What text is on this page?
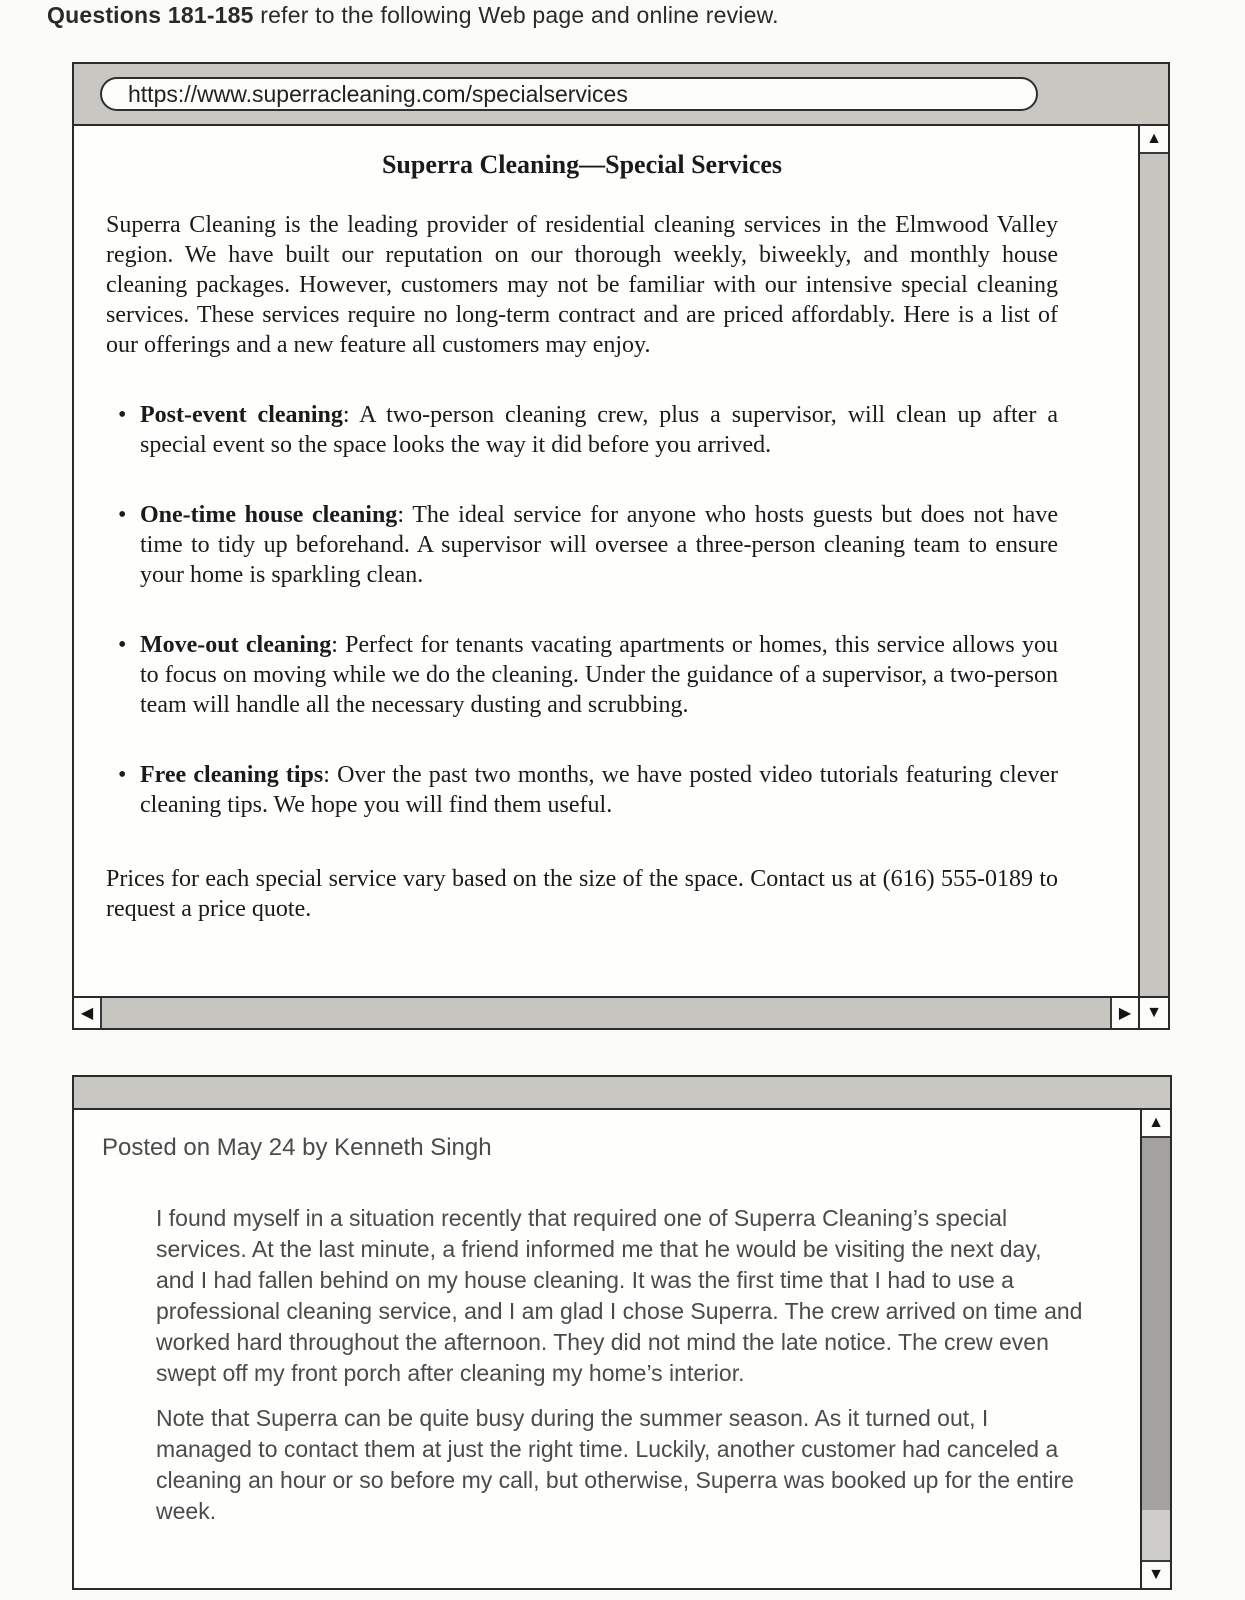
Questions 181-185 refer to the following Web page and online review.

https://www.superracleaning.com/specialservices
Superra Cleaning—Special Services

Superra Cleaning is the leading provider of residential cleaning services in the Elmwood Valley region. We have built our reputation on our thorough weekly, biweekly, and monthly house cleaning packages. However, customers may not be familiar with our intensive special cleaning services. These services require no long-term contract and are priced affordably. Here is a list of our offerings and a new feature all customers may enjoy.

• Post-event cleaning: A two-person cleaning crew, plus a supervisor, will clean up after a special event so the space looks the way it did before you arrived.
• One-time house cleaning: The ideal service for anyone who hosts guests but does not have time to tidy up beforehand. A supervisor will oversee a three-person cleaning team to ensure your home is sparkling clean.
• Move-out cleaning: Perfect for tenants vacating apartments or homes, this service allows you to focus on moving while we do the cleaning. Under the guidance of a supervisor, a two-person team will handle all the necessary dusting and scrubbing.
• Free cleaning tips: Over the past two months, we have posted video tutorials featuring clever cleaning tips. We hope you will find them useful.

Prices for each special service vary based on the size of the space. Contact us at (616) 555-0189 to request a price quote.

▲
◀	▶ ▼

Posted on May 24 by Kenneth Singh

I found myself in a situation recently that required one of Superra Cleaning’s special services. At the last minute, a friend informed me that he would be visiting the next day, and I had fallen behind on my house cleaning. It was the first time that I had to use a professional cleaning service, and I am glad I chose Superra. The crew arrived on time and worked hard throughout the afternoon. They did not mind the late notice. The crew even swept off my front porch after cleaning my home’s interior.

Note that Superra can be quite busy during the summer season. As it turned out, I managed to contact them at just the right time. Luckily, another customer had canceled a cleaning an hour or so before my call, but otherwise, Superra was booked up for the entire week.

▲
▼
